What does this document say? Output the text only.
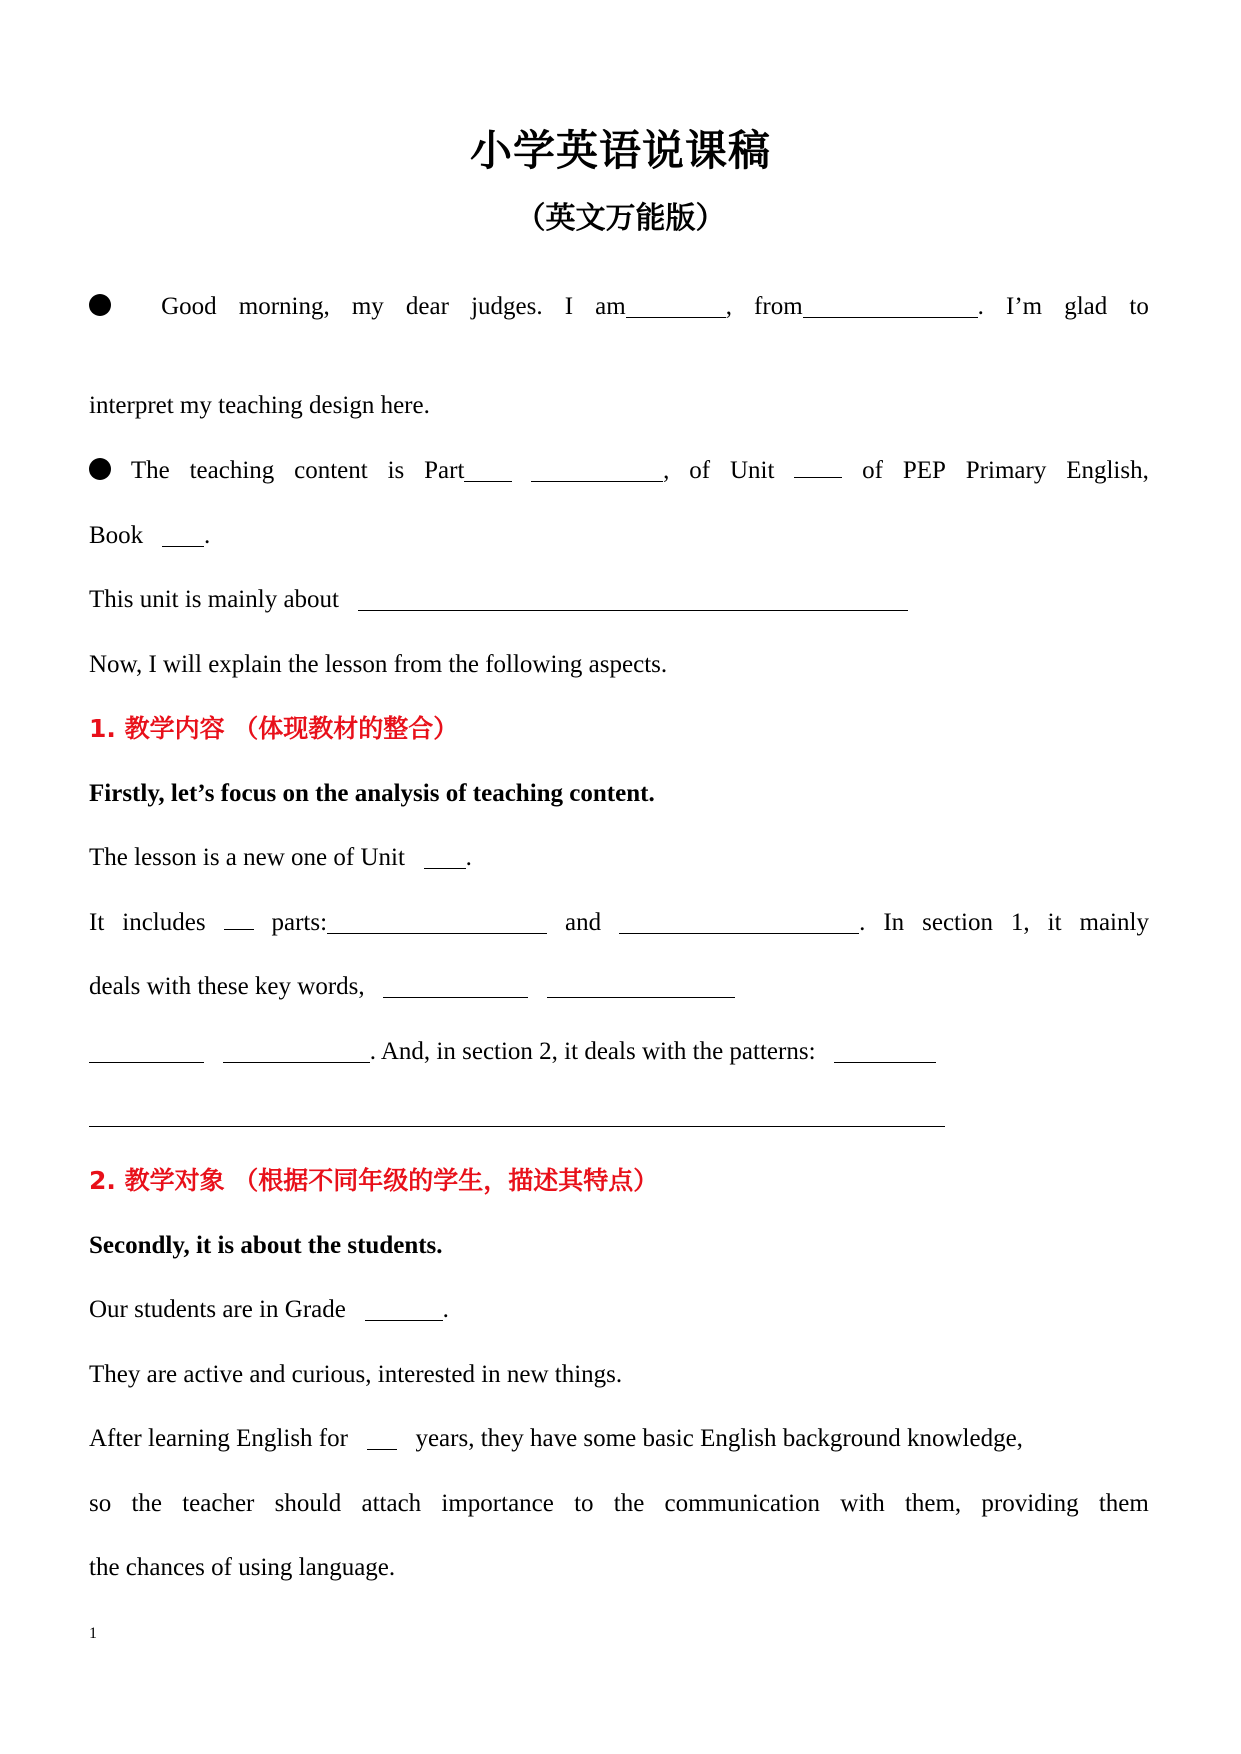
小学英语说课稿
（英文万能版）
Good morning, my dear judges. I am	, from	. I’m glad to
interpret my teaching design here.
The teaching content is Part	, of Unit	of PEP Primary English,
Book .
This unit is mainly about
Now, I will explain the lesson from the following aspects.
1. 教学内容 （体现教材的整合）
Firstly, let’s focus on the analysis of teaching content.
The lesson is a new one of Unit .
It includes	parts:	and	. In section 1, it mainly
deals with these key words,
. And, in section 2, it deals with the patterns:
2. 教学对象 （根据不同年级的学生，描述其特点）
Secondly, it is about the students.
Our students are in Grade	.
They are active and curious, interested in new things.
After learning English for	years, they have some basic English background knowledge,
so the teacher should attach importance to the communication with them, providing them
the chances of using language.
1
